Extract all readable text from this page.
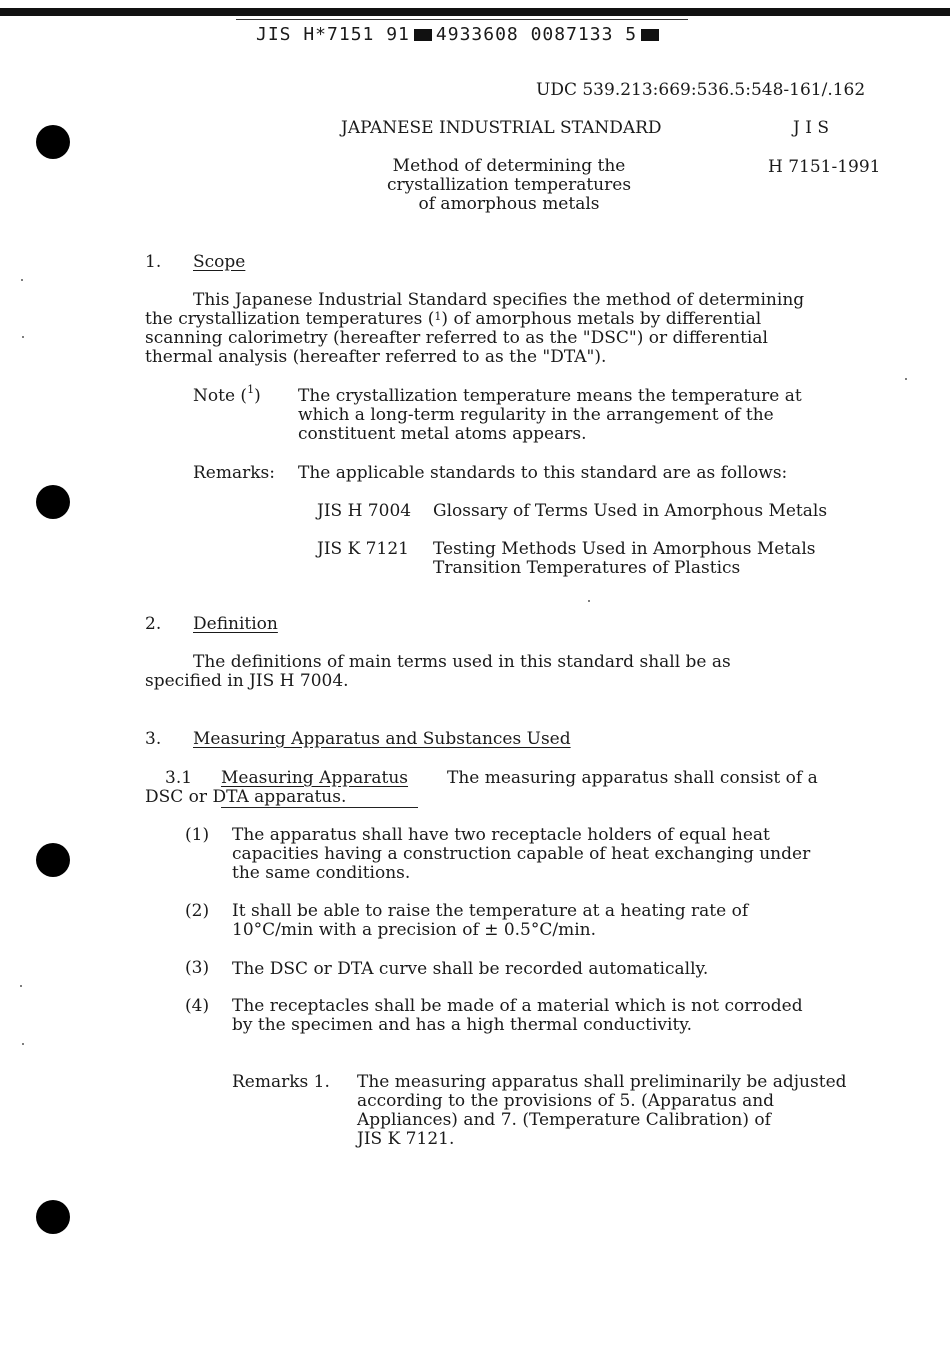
JIS H*7151 91 4933608 0087133 5
UDC 539.213:669:536.5:548-161/.162
JAPANESE INDUSTRIAL STANDARD	J I S
Method of determining the
crystallization temperatures
of amorphous metals
H 7151-1991
1. Scope
This Japanese Industrial Standard specifies the method of determining
the crystallization temperatures ($^1$) of amorphous metals by differential
scanning calorimetry (hereafter referred to as the "DSC") or differential
thermal analysis (hereafter referred to as the "DTA").
Note ($^1$) The crystallization temperature means the temperature at
which a long-term regularity in the arrangement of the
constituent metal atoms appears.
Remarks: The applicable standards to this standard are as follows:
JIS H 7004 Glossary of Terms Used in Amorphous Metals
JIS K 7121 Testing Methods Used in Amorphous Metals
Transition Temperatures of Plastics
2. Definition
The definitions of main terms used in this standard shall be as
specified in JIS H 7004.
3. Measuring Apparatus and Substances Used
3.1 Measuring Apparatus The measuring apparatus shall consist of a
DSC or DTA apparatus.
(1) The apparatus shall have two receptacle holders of equal heat
capacities having a construction capable of heat exchanging under
the same conditions.
(2) It shall be able to raise the temperature at a heating rate of
10°C/min with a precision of ± 0.5°C/min.
(3) The DSC or DTA curve shall be recorded automatically.
(4) The receptacles shall be made of a material which is not corroded
by the specimen and has a high thermal conductivity.
Remarks 1. The measuring apparatus shall preliminarily be adjusted
according to the provisions of 5. (Apparatus and
Appliances) and 7. (Temperature Calibration) of
JIS K 7121.
